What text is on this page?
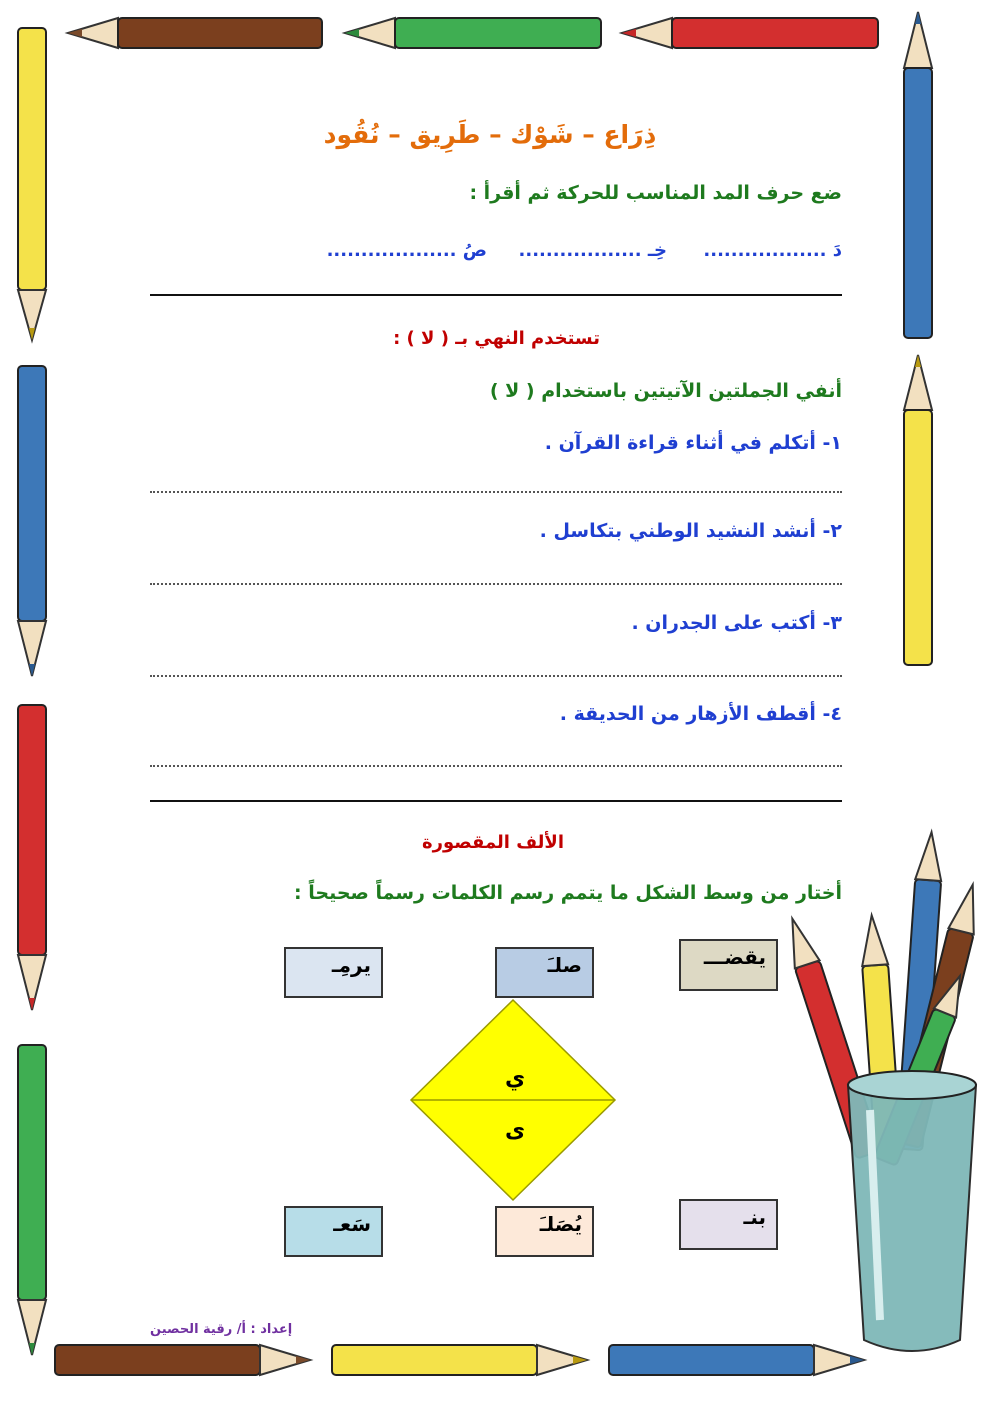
ذِرَاع – شَوْك – طَرِيق – نُقُود
ضع حرف المد المناسب للحركة ثم أقرأ :
دَ ..................
خِـ ..................
صُ ...................
تستخدم النهي بـ ( لا ) :
أنفي الجملتين الآتيتين باستخدام ( لا )
١- أتكلم في أثناء قراءة القرآن .
٢- أنشد النشيد الوطني بتكاسل .
٣- أكتب على الجدران .
٤- أقطف الأزهار من الحديقة .
الألف المقصورة
أختار من وسط الشكل ما يتمم رسم الكلمات رسماً صحيحاً :
يقضـــ
صلـَ
يرمِـ
ي
ى
بنـ
يُصَلـَ
سَعـ
إعداد : أ/ رقية الحصين
